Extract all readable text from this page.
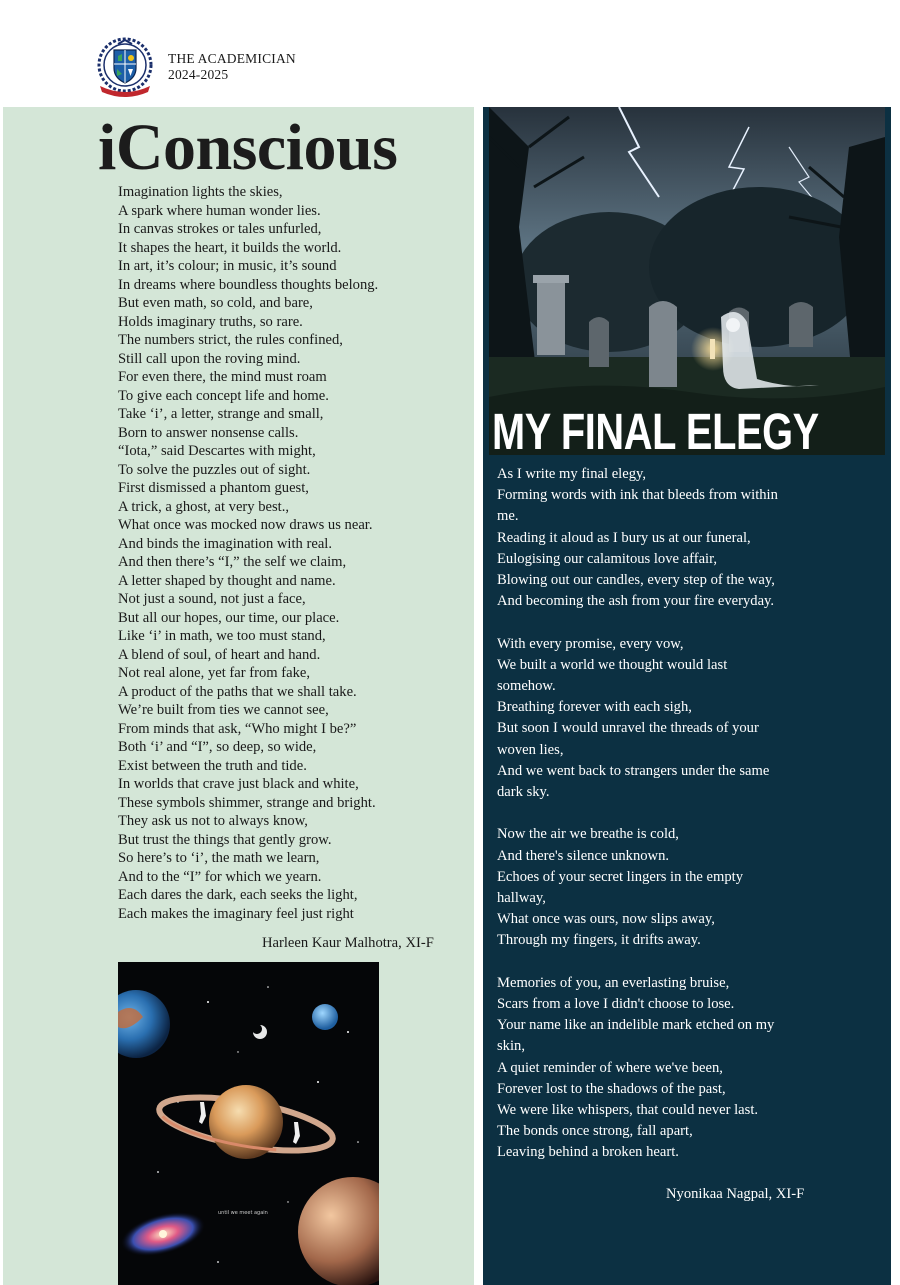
THE ACADEMICIAN
2024-2025
iConscious
Imagination lights the skies,
A spark where human wonder lies.
In canvas strokes or tales unfurled,
It shapes the heart, it builds the world.
In art, it’s colour; in music, it’s sound
In dreams where boundless thoughts belong.
But even math, so cold, and bare,
Holds imaginary truths, so rare.
The numbers strict, the rules confined,
Still call upon the roving mind.
For even there, the mind must roam
To give each concept life and home.
Take ‘i’, a letter, strange and small,
Born to answer nonsense calls.
“Iota,” said Descartes with might,
To solve the puzzles out of sight.
First dismissed a phantom guest,
A trick, a ghost, at very best.,
What once was mocked now draws us near.
And binds the imagination with real.
And then there’s “I,” the self we claim,
A letter shaped by thought and name.
Not just a sound, not just a face,
But all our hopes, our time, our place.
Like ‘i’ in math, we too must stand,
A blend of soul, of heart and hand.
Not real alone, yet far from fake,
A product of the paths that we shall take.
We’re built from ties we cannot see,
From minds that ask, “Who might I be?”
Both ‘i’ and “I”, so deep, so wide,
Exist between the truth and tide.
In worlds that crave just black and white,
These symbols shimmer, strange and bright.
They ask us not to always know,
But trust the things that gently grow.
So here’s to ‘i’, the math we learn,
And to the “I” for which we yearn.
Each dares the dark, each seeks the light,
Each makes the imaginary feel just right
Harleen Kaur Malhotra, XI-F
until we meet again
MY FINAL ELEGY
As I write my final elegy,
Forming words with ink that bleeds from within
me.
Reading it aloud as I bury us at our funeral,
Eulogising our calamitous love affair,
Blowing out our candles, every step of the way,
And becoming the ash from your fire everyday.
With every promise, every vow,
We built a world we thought would last
somehow.
Breathing forever with each sigh,
But soon I would unravel the threads of your
woven lies,
And we went back to strangers under the same
dark sky.
Now the air we breathe is cold,
And there's silence unknown.
Echoes of your secret lingers in the empty
hallway,
What once was ours, now slips away,
Through my fingers, it drifts away.
Memories of you, an everlasting bruise,
Scars from a love I didn't choose to lose.
Your name like an indelible mark etched on my
skin,
A quiet reminder of where we've been,
Forever lost to the shadows of the past,
We were like whispers, that could never last.
The bonds once strong, fall apart,
Leaving behind a broken heart.
Nyonikaa Nagpal, XI-F
